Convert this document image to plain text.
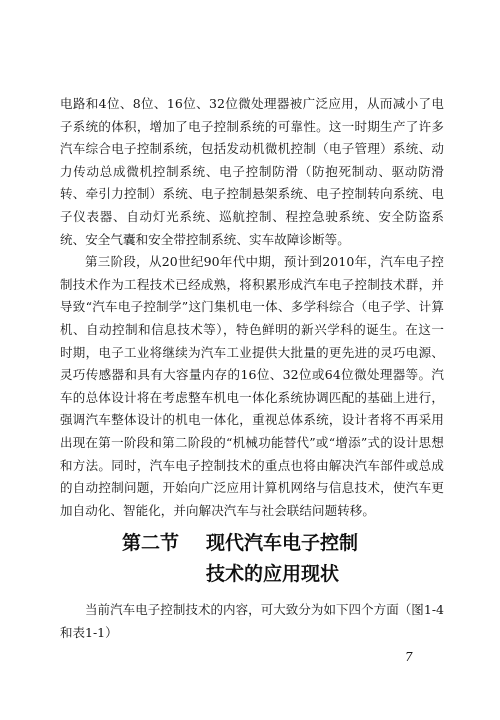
电路和4位、8位、16位、32位微处理器被广泛应用，从而减小了电子系统的体积，增加了电子控制系统的可靠性。这一时期生产了许多汽车综合电子控制系统，包括发动机微机控制（电子管理）系统、动力传动总成微机控制系统、电子控制防滑（防抱死制动、驱动防滑转、牵引力控制）系统、电子控制悬架系统、电子控制转向系统、电子仪表器、自动灯光系统、巡航控制、程控急驶系统、安全防盗系统、安全气囊和安全带控制系统、实车故障诊断等。

第三阶段，从20世纪90年代中期，预计到2010年，汽车电子控制技术作为工程技术已经成熟，将积累形成汽车电子控制技术群，并导致“汽车电子控制学”这门集机电一体、多学科综合（电子学、计算机、自动控制和信息技术等），特色鲜明的新兴学科的诞生。在这一时期，电子工业将继续为汽车工业提供大批量的更先进的灵巧电源、灵巧传感器和具有大容量内存的16位、32位或64位微处理器等。汽车的总体设计将在考虑整车机电一体化系统协调匹配的基础上进行，强调汽车整体设计的机电一体化，重视总体系统，设计者将不再采用出现在第一阶段和第二阶段的“机械功能替代”或“增添”式的设计思想和方法。同时，汽车电子控制技术的重点也将由解决汽车部件或总成的自动控制问题，开始向广泛应用计算机网络与信息技术，使汽车更加自动化、智能化，并向解决汽车与社会联结问题转移。

第二节 现代汽车电子控制
技术的应用现状

当前汽车电子控制技术的内容，可大致分为如下四个方面（图1-4和表1-1）

7
